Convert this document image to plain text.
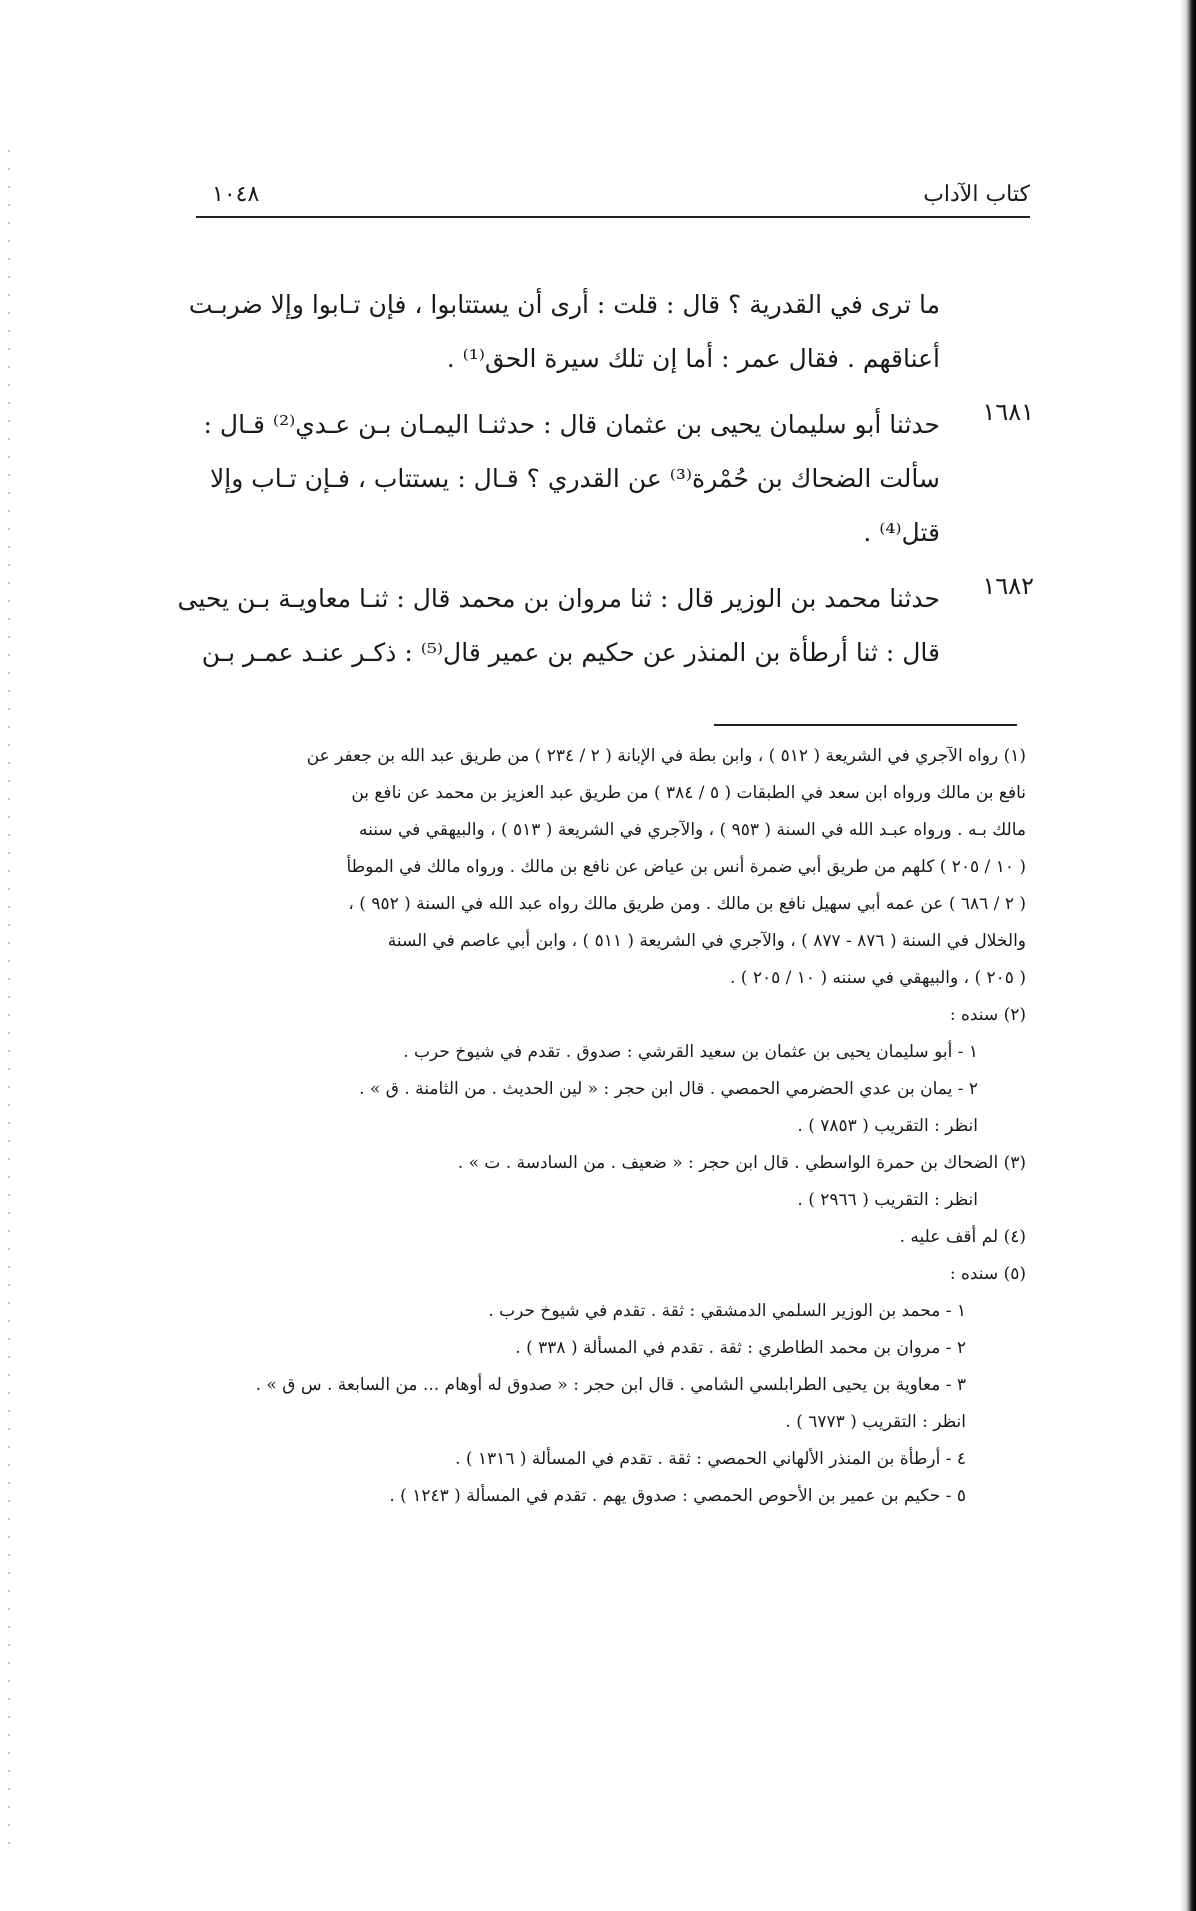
كتاب الآداب
١٠٤٨
ما ترى في القدرية ؟ قال : قلت : أرى أن يستتابوا ، فإن تـابوا وإلا ضربـت
أعناقهم . فقال عمر : أما إن تلك سيرة الحق⁽¹⁾ .
١٦٨١
حدثنا أبو سليمان يحيى بن عثمان قال : حدثنـا اليمـان بـن عـدي⁽²⁾ قـال :
سألت الضحاك بن حُمْرة⁽³⁾ عن القدري ؟ قـال : يستتاب ، فـإن تـاب وإلا
قتل⁽⁴⁾ .
١٦٨٢
حدثنا محمد بن الوزير قال : ثنا مروان بن محمد قال : ثنـا معاويـة بـن يحيى
قال : ثنا أرطأة بن المنذر عن حكيم بن عمير قال⁽⁵⁾ : ذكـر عنـد عمـر بـن
(١) رواه الآجري في الشريعة ( ٥١٢ ) ، وابن بطة في الإبانة ( ٢ / ٢٣٤ ) من طريق عبد الله بن جعفر عن
نافع بن مالك ورواه ابن سعد في الطبقات ( ٥ / ٣٨٤ ) من طريق عبد العزيز بن محمد عن نافع بن
مالك بـه . ورواه عبـد الله في السنة ( ٩٥٣ ) ، والآجري في الشريعة ( ٥١٣ ) ، والبيهقي في سننه
( ١٠ / ٢٠٥ ) كلهم من طريق أبي ضمرة أنس بن عياض عن نافع بن مالك . ورواه مالك في الموطأ
( ٢ / ٦٨٦ ) عن عمه أبي سهيل نافع بن مالك . ومن طريق مالك رواه عبد الله في السنة ( ٩٥٢ ) ،
والخلال في السنة ( ٨٧٦ - ٨٧٧ ) ، والآجري في الشريعة ( ٥١١ ) ، وابن أبي عاصم في السنة
( ٢٠٥ ) ، والبيهقي في سننه ( ١٠ / ٢٠٥ ) .
(٢) سنده :
١ - أبو سليمان يحيى بن عثمان بن سعيد القرشي : صدوق . تقدم في شيوخ حرب .
٢ - يمان بن عدي الحضرمي الحمصي . قال ابن حجر : « لين الحديث . من الثامنة . ق » .
انظر : التقريب ( ٧٨٥٣ ) .
(٣) الضحاك بن حمرة الواسطي . قال ابن حجر : « ضعيف . من السادسة . ت » .
انظر : التقريب ( ٢٩٦٦ ) .
(٤) لم أقف عليه .
(٥) سنده :
١ - محمد بن الوزير السلمي الدمشقي : ثقة . تقدم في شيوخ حرب .
٢ - مروان بن محمد الطاطري : ثقة . تقدم في المسألة ( ٣٣٨ ) .
٣ - معاوية بن يحيى الطرابلسي الشامي . قال ابن حجر : « صدوق له أوهام ... من السابعة . س ق » .
انظر : التقريب ( ٦٧٧٣ ) .
٤ - أرطأة بن المنذر الألهاني الحمصي : ثقة . تقدم في المسألة ( ١٣١٦ ) .
٥ - حكيم بن عمير بن الأحوص الحمصي : صدوق يهم . تقدم في المسألة ( ١٢٤٣ ) .
